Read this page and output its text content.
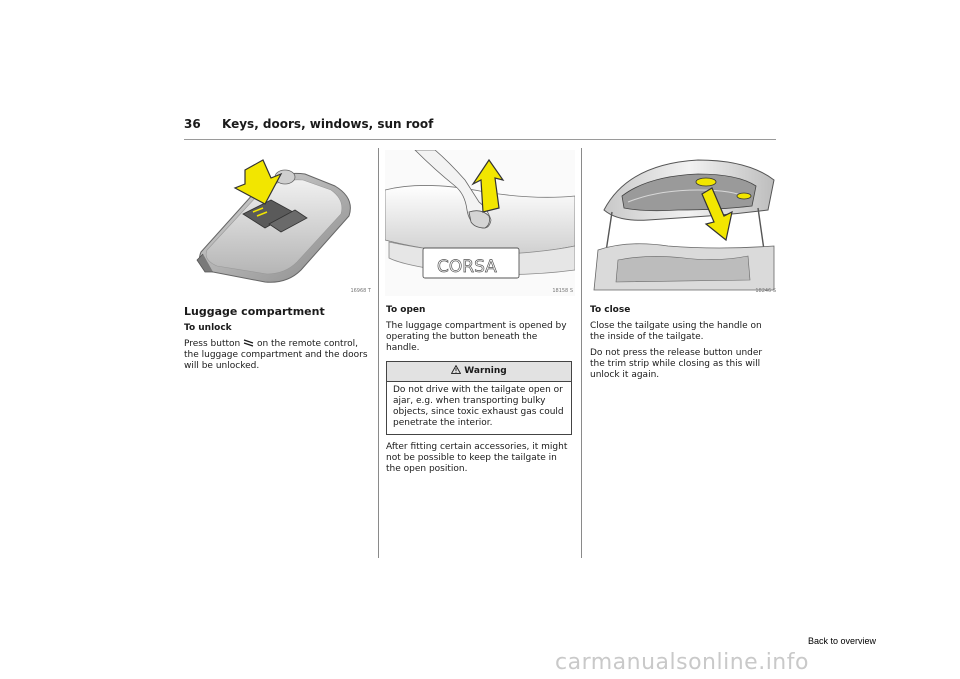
36 Keys, doors, windows, sun roof
16968 T
CORSA
18158 S	18246 S

Luggage compartment

To unlock

Press button  on the remote control, the luggage compartment and the doors will be unlocked.

To open

The luggage compartment is opened by operating the button beneath the handle.

Warning
Do not drive with the tailgate open or ajar, e.g. when transporting bulky objects, since toxic exhaust gas could penetrate the interior.

After fitting certain accessories, it might not be possible to keep the tailgate in the open position.

To close

Close the tailgate using the handle on the inside of the tailgate.

Do not press the release button under the trim strip while closing as this will unlock it again.

Back to overview
carmanualsonline.info
